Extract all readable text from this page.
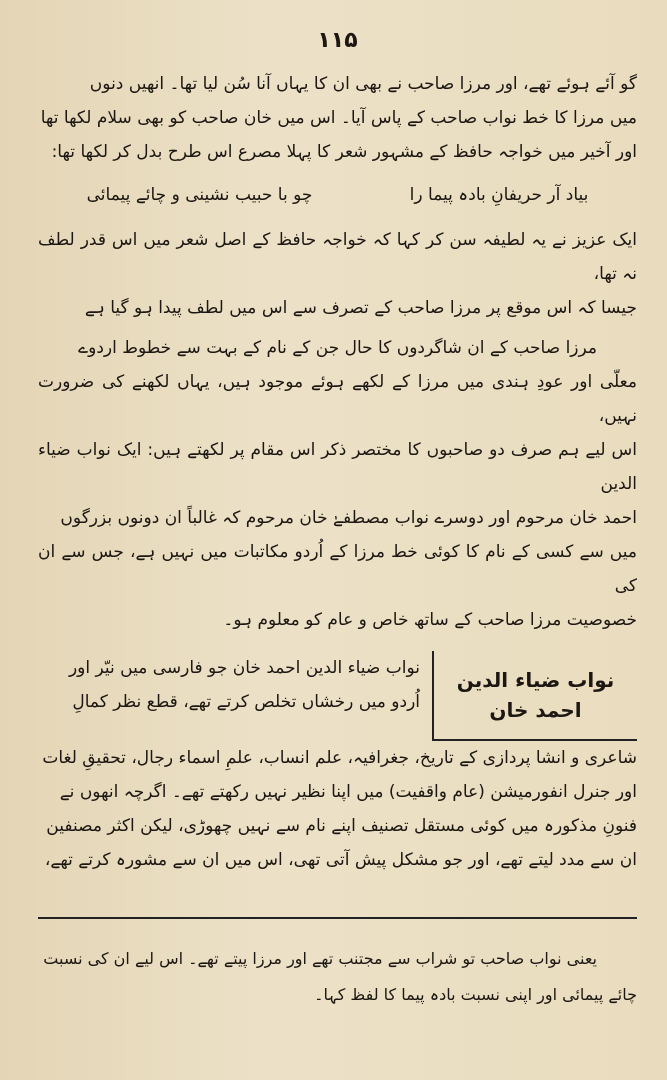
۱۱۵
گو آئے ہوئے تھے، اور مرزا صاحب نے بھی ان کا یہاں آنا سُن لیا تھا۔ انھیں دنوں
میں مرزا کا خط نواب صاحب کے پاس آیا۔ اس میں خان صاحب کو بھی سلام لکھا تھا
اور آخیر میں خواجہ حافظ کے مشہور شعر کا پہلا مصرع اس طرح بدل کر لکھا تھا:
بیاد آر حریفانِ بادہ پیما را
چو با حبیب نشینی و چائے پیمائی
ایک عزیز نے یہ لطیفہ سن کر کہا کہ خواجہ حافظ کے اصل شعر میں اس قدر لطف نہ تھا،
جیسا کہ اس موقع پر مرزا صاحب کے تصرف سے اس میں لطف پیدا ہو گیا ہے
مرزا صاحب کے ان شاگردوں کا حال جن کے نام کے بہت سے خطوط اردوے
معلّی اور عودِ ہندی میں مرزا کے لکھے ہوئے موجود ہیں، یہاں لکھنے کی ضرورت نہیں،
اس لیے ہم صرف دو صاحبوں کا مختصر ذکر اس مقام پر لکھتے ہیں: ایک نواب ضیاء الدین
احمد خان مرحوم اور دوسرے نواب مصطفےٰ خان مرحوم کہ غالباً ان دونوں بزرگوں
میں سے کسی کے نام کا کوئی خط مرزا کے اُردو مکاتبات میں نہیں ہے، جس سے ان کی
خصوصیت مرزا صاحب کے ساتھ خاص و عام کو معلوم ہو۔
نواب ضیاء الدین احمد خان
نواب ضیاء الدین احمد خان جو فارسی میں نیّر اور
اُردو میں رخشاں تخلص کرتے تھے، قطع نظر کمالِ
شاعری و انشا پردازی کے تاریخ، جغرافیہ، علم انساب، علمِ اسماء رجال، تحقیقِ لغات
اور جنرل انفورمیشن (عام واقفیت) میں اپنا نظیر نہیں رکھتے تھے۔ اگرچہ انھوں نے
فنونِ مذکورہ میں کوئی مستقل تصنیف اپنے نام سے نہیں چھوڑی، لیکن اکثر مصنفین
ان سے مدد لیتے تھے، اور جو مشکل پیش آتی تھی، اس میں ان سے مشورہ کرتے تھے،
یعنی نواب صاحب تو شراب سے مجتنب تھے اور مرزا پیتے تھے۔ اس لیے ان کی نسبت
چائے پیمائی اور اپنی نسبت بادہ پیما کا لفظ کہا۔
